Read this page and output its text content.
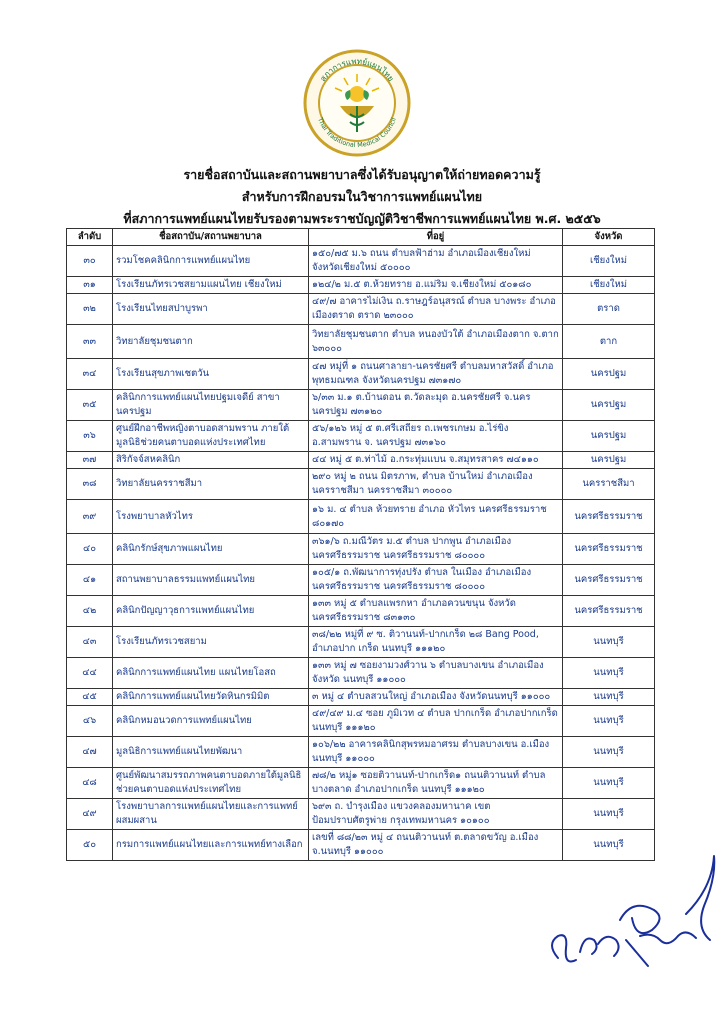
สภาการแพทย์แผนไทย
Thai Traditional Medical Council
รายชื่อสถาบันและสถานพยาบาลซึ่งได้รับอนุญาตให้ถ่ายทอดความรู้
สำหรับการฝึกอบรมในวิชาการแพทย์แผนไทย
ที่สภาการแพทย์แผนไทยรับรองตามพระราชบัญญัติวิชาชีพการแพทย์แผนไทย พ.ศ. ๒๕๕๖
ลำดับ	ชื่อสถาบัน/สถานพยาบาล	ที่อยู่	จังหวัด
๓๐	รวมโชคคลินิกการแพทย์แผนไทย	๑๕๐/๗๕ ม.๖ ถนน ตำบลฟ้าฮ่าม อำเภอเมืองเชียงใหม่ จังหวัดเชียงใหม่ ๕๐๐๐๐	เชียงใหม่
๓๑	โรงเรียนภัทรเวชสยามแผนไทย เชียงใหม่	๑๒๔/๒ ม.๕ ต.ห้วยทราย อ.แม่ริม จ.เชียงใหม่ ๕๐๑๘๐	เชียงใหม่
๓๒	โรงเรียนไทยสปาบูรพา	๔๙/๗ อาคารไม่เงิน ถ.ราษฎร์อนุสรณ์ ตำบล บางพระ อำเภอเมืองตราด ตราด ๒๓๐๐๐	ตราด
๓๓	วิทยาลัยชุมชนตาก	วิทยาลัยชุมชนตาก ตำบล หนองบัวใต้ อำเภอเมืองตาก จ.ตาก ๖๓๐๐๐	ตาก
๓๔	โรงเรียนสุขภาพเชตวัน	๔๗ หมู่ที่ ๑ ถนนศาลายา-นครชัยศรี ตำบลมหาสวัสดิ์ อำเภอพุทธมณฑล จังหวัดนครปฐม ๗๓๑๗๐	นครปฐม
๓๕	คลินิกการแพทย์แผนไทยปฐมเจดีย์ สาขานครปฐม	๖/๓๓ ม.๑ ต.บ้านดอน ต.วัดละมุด อ.นครชัยศรี จ.นครนครปฐม ๗๓๑๒๐	นครปฐม
๓๖	ศูนย์ฝึกอาชีพหญิงตาบอดสามพราน ภายใต้มูลนิธิช่วยคนตาบอดแห่งประเทศไทย	๕๖/๑๒๖ หมู่ ๕ ต.ศรีเสถียร ถ.เพชรเกษม อ.ไร่ขิง อ.สามพราน จ. นครปฐม ๗๓๑๖๐	นครปฐม
๓๗	สิริกัจจ์สหคลินิก	๔๔ หมู่ ๕ ต.ท่าไม้ อ.กระทุ่มแบน จ.สมุทรสาคร ๗๔๑๑๐	นครปฐม
๓๘	วิทยาลัยนครราชสีมา	๒๙๐ หมู่ ๒ ถนน มิตรภาพ, ตำบล บ้านใหม่ อำเภอเมืองนครราชสีมา นครราชสีมา ๓๐๐๐๐	นครราชสีมา
๓๙	โรงพยาบาลหัวไทร	๑๖ ม. ๔ ตำบล ห้วยทราย อำเภอ หัวไทร นครศรีธรรมราช ๘๐๑๗๐	นครศรีธรรมราช
๔๐	คลินิกรักษ์สุขภาพแผนไทย	๓๖๑/๖ ถ.มณีวัตร ม.๕ ตำบล ปากพูน อำเภอเมืองนครศรีธรรมราช นครศรีธรรมราช ๘๐๐๐๐	นครศรีธรรมราช
๔๑	สถานพยาบาลธรรมแพทย์แผนไทย	๑๐๕/๑ ถ.พัฒนาการทุ่งปรัง ตำบล ในเมือง อำเภอเมืองนครศรีธรรมราช นครศรีธรรมราช ๘๐๐๐๐	นครศรีธรรมราช
๔๒	คลินิกปัญญาวุธการแพทย์แผนไทย	๑๓๓ หมู่ ๕ ตำบลแพรกหา อำเภอควนขนุน จังหวัดนครศรีธรรมราช ๘๓๑๓๐	นครศรีธรรมราช
๔๓	โรงเรียนภัทรเวชสยาม	๓๘/๒๒ หมู่ที่ ๙ ซ. ติวานนท์-ปากเกร็ด ๒๘ Bang Pood, อำเภอปาก เกร็ด นนทบุรี ๑๑๑๒๐	นนทบุรี
๔๔	คลินิกการแพทย์แผนไทย แผนไทยโอสถ	๑๓๓ หมู่ ๗ ซอยงามวงศ์วาน ๖ ตำบลบางเขน อำเภอเมือง จังหวัด นนทบุรี ๑๑๐๐๐	นนทบุรี
๔๕	คลินิกการแพทย์แผนไทยวัดหินกรมิมิต	๓ หมู่ ๔ ตำบลสวนใหญ่ อำเภอเมือง จังหวัดนนทบุรี ๑๑๐๐๐	นนทบุรี
๔๖	คลินิกหมอนวดการแพทย์แผนไทย	๔๙/๔๙ ม.๔ ซอย ภูมิเวท ๔ ตำบล ปากเกร็ด อำเภอปากเกร็ด นนทบุรี ๑๑๑๒๐	นนทบุรี
๔๗	มูลนิธิการแพทย์แผนไทยพัฒนา	๑๐๖/๒๒ อาคารคลินิกสุพรหมอาศรม ตำบลบางเขน อ.เมือง นนทบุรี ๑๑๐๐๐	นนทบุรี
๔๘	ศูนย์พัฒนาสมรรถภาพคนตาบอดภายใต้มูลนิธิช่วยคนตาบอดแห่งประเทศไทย	๗๘/๒ หมู่๑ ซอยติวานนท์-ปากเกร็ด๑ ถนนติวานนท์ ตำบลบางตลาด อำเภอปากเกร็ด นนทบุรี ๑๑๑๒๐	นนทบุรี
๔๙	โรงพยาบาลการแพทย์แผนไทยและการแพทย์ผสมผสาน	๖๙๓ ถ. บำรุงเมือง แขวงคลองมหานาค เขตป้อมปราบศัตรูพ่าย กรุงเทพมหานคร ๑๐๑๐๐	นนทบุรี
๕๐	กรมการแพทย์แผนไทยและการแพทย์ทางเลือก	เลขที่ ๘๘/๒๓ หมู่ ๔ ถนนติวานนท์ ต.ตลาดขวัญ อ.เมือง จ.นนทบุรี ๑๑๐๐๐	นนทบุรี
